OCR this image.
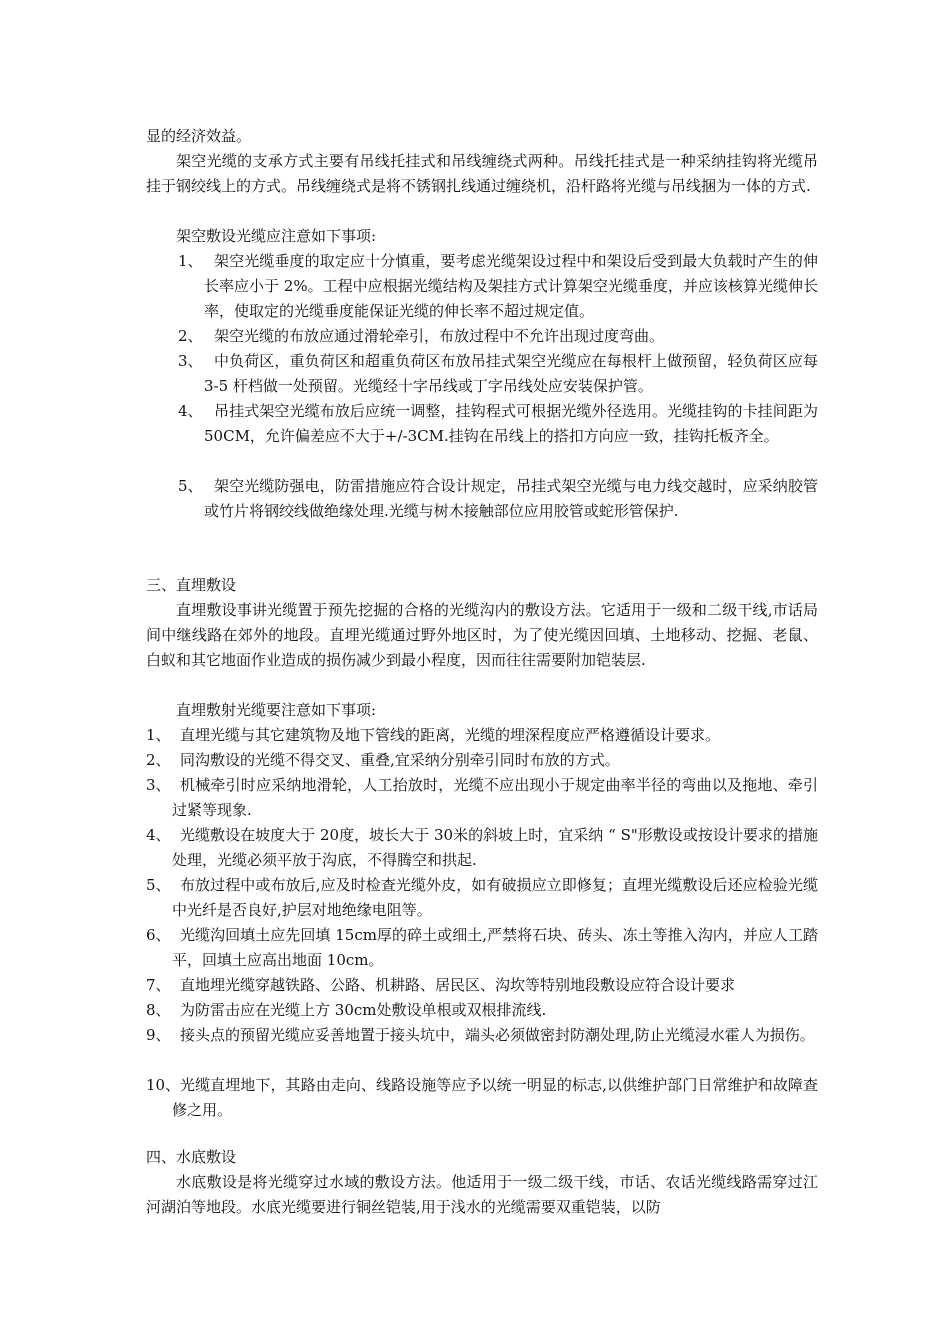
显的经济效益。

架空光缆的支承方式主要有吊线托挂式和吊线缠绕式两种。吊线托挂式是一种采纳挂钩将光缆吊挂于钢绞线上的方式。吊线缠绕式是将不锈钢扎线通过缠绕机，沿杆路将光缆与吊线捆为一体的方式.

架空敷设光缆应注意如下事项:

1、 架空光缆垂度的取定应十分慎重，要考虑光缆架设过程中和架设后受到最大负载时产生的伸长率应小于 2%。工程中应根据光缆结构及架挂方式计算架空光缆垂度，并应该核算光缆伸长率，使取定的光缆垂度能保证光缆的伸长率不超过规定值。
2、 架空光缆的布放应通过滑轮牵引，布放过程中不允许出现过度弯曲。
3、 中负荷区，重负荷区和超重负荷区布放吊挂式架空光缆应在每根杆上做预留，轻负荷区应每 3-5 杆档做一处预留。光缆经十字吊线或丁字吊线处应安装保护管。
4、 吊挂式架空光缆布放后应统一调整，挂钩程式可根据光缆外径选用。光缆挂钩的卡挂间距为 50CM，允许偏差应不大于+/-3CM.挂钩在吊线上的搭扣方向应一致，挂钩托板齐全。
5、 架空光缆防强电，防雷措施应符合设计规定，吊挂式架空光缆与电力线交越时，应采纳胶管或竹片将钢绞线做绝缘处理.光缆与树木接触部位应用胶管或蛇形管保护.
三、直埋敷设

直埋敷设事讲光缆置于预先挖掘的合格的光缆沟内的敷设方法。它适用于一级和二级干线,市话局间中继线路在郊外的地段。直埋光缆通过野外地区时，为了使光缆因回填、土地移动、挖掘、老鼠、白蚁和其它地面作业造成的损伤减少到最小程度，因而往往需要附加铠装层.

直埋敷射光缆要注意如下事项:

1、 直埋光缆与其它建筑物及地下管线的距离，光缆的埋深程度应严格遵循设计要求。
2、 同沟敷设的光缆不得交叉、重叠,宜采纳分别牵引同时布放的方式。
3、 机械牵引时应采纳地滑轮，人工抬放时，光缆不应出现小于规定曲率半径的弯曲以及拖地、牵引过紧等现象.
4、 光缆敷设在坡度大于 20度，坡长大于 30米的斜坡上时，宜采纳 “ S"形敷设或按设计要求的措施处理，光缆必须平放于沟底，不得腾空和拱起.
5、 布放过程中或布放后,应及时检查光缆外皮，如有破损应立即修复；直埋光缆敷设后还应检验光缆中光纤是否良好,护层对地绝缘电阻等。
6、 光缆沟回填土应先回填 15cm厚的碎土或细土,严禁将石块、砖头、冻土等推入沟内，并应人工踏平，回填土应高出地面 10cm。
7、 直地埋光缆穿越铁路、公路、机耕路、居民区、沟坎等特别地段敷设应符合设计要求
8、 为防雷击应在光缆上方 30cm处敷设单根或双根排流线.
9、 接头点的预留光缆应妥善地置于接头坑中，端头必须做密封防潮处理,防止光缆浸水霍人为损伤。
10、 光缆直埋地下，其路由走向、线路设施等应予以统一明显的标志,以供维护部门日常维护和故障查修之用。
四、水底敷设

水底敷设是将光缆穿过水域的敷设方法。他适用于一级二级干线，市话、农话光缆线路需穿过江河湖泊等地段。水底光缆要进行铜丝铠装,用于浅水的光缆需要双重铠装，以防
